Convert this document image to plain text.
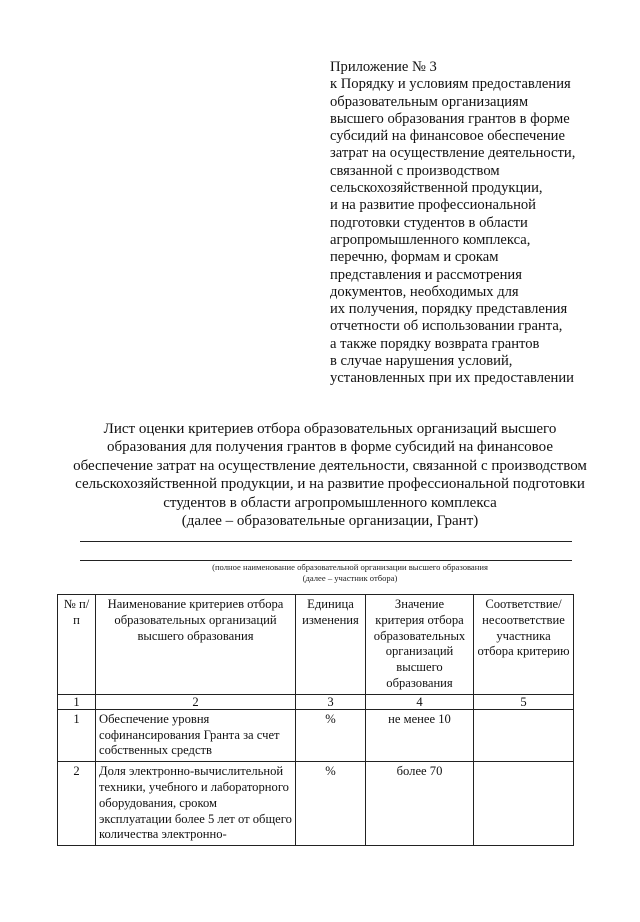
Приложение № 3
к Порядку и условиям предоставления
образовательным организациям
высшего образования грантов в форме
субсидий на финансовое обеспечение
затрат на осуществление деятельности,
связанной с производством
сельскохозяйственной продукции,
и на развитие профессиональной
подготовки студентов в области
агропромышленного комплекса,
перечню, формам и срокам
представления и рассмотрения
документов, необходимых для
их получения, порядку представления
отчетности об использовании гранта,
а также порядку возврата грантов
в случае нарушения условий,
установленных при их предоставлении
Лист оценки критериев отбора образовательных организаций высшего
образования для получения грантов в форме субсидий на финансовое
обеспечение затрат на осуществление деятельности, связанной с производством
сельскохозяйственной продукции, и на развитие профессиональной подготовки
студентов в области агропромышленного комплекса
(далее – образовательные организации, Грант)
(полное наименование образовательной организации высшего образования
(далее – участник отбора)
№ п/п	Наименование критериев отбора образовательных организаций высшего образования	Единица изменения	Значение критерия отбора образовательных организаций высшего образования	Соответствие/ несоответствие участника отбора критерию
1	2	3	4	5
1	Обеспечение уровня софинансирования Гранта за счет собственных средств	%	не менее 10	
2	Доля электронно-вычислительной техники, учебного и лабораторного оборудования, сроком эксплуатации более 5 лет от общего количества электронно-	%	более 70	
